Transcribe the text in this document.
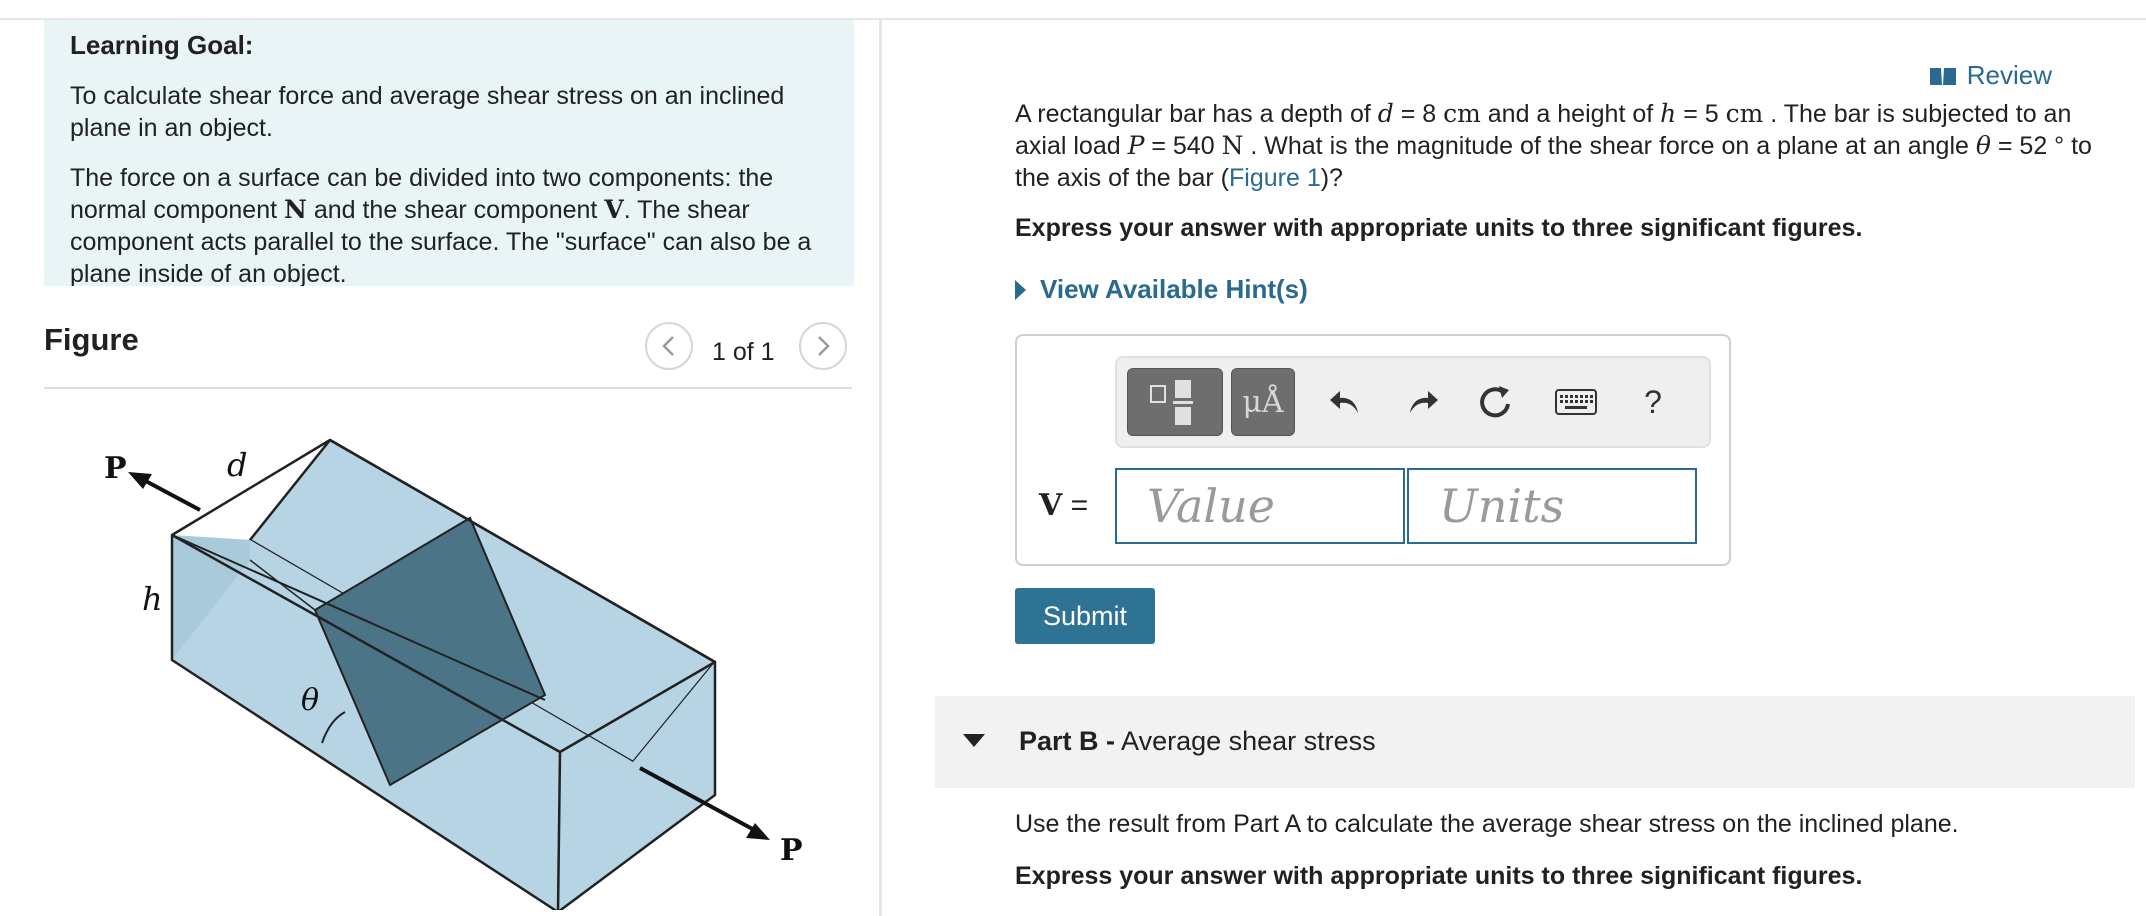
Learning Goal:
To calculate shear force and average shear stress on an inclined plane in an object.
The force on a surface can be divided into two components: the normal component N and the shear component V. The shear component acts parallel to the surface. The "surface" can also be a plane inside of an object.
Figure	1 of 1
P	d
h
θ
P
Review
A rectangular bar has a depth of d = 8 cm and a height of h = 5 cm . The bar is subjected to an axial load P = 540 N . What is the magnitude of the shear force on a plane at an angle θ = 52 ° to the axis of the bar (Figure 1)?
Express your answer with appropriate units to three significant figures.
View Available Hint(s)
μÅ	?
V =	Value	Units
Submit
Part B - Average shear stress
Use the result from Part A to calculate the average shear stress on the inclined plane.
Express your answer with appropriate units to three significant figures.
